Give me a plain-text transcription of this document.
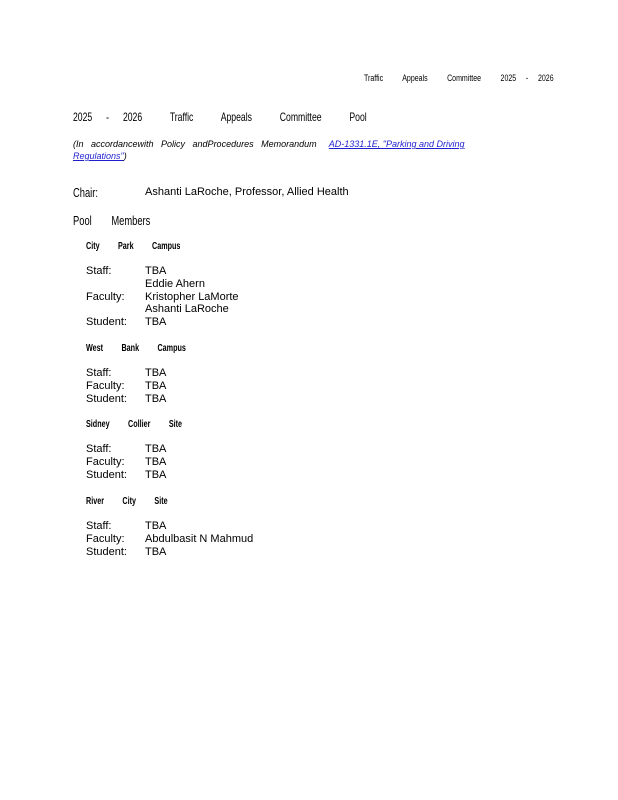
Traffic  Appeals  Committee  2025 - 2026
2025 - 2026  Traffic  Appeals  Committee  Pool
(In accordancewith Policy andProcedures Memorandum AD-1331.1E, "Parking and Driving Regulations")
Chair:	Ashanti LaRoche, Professor, Allied Health
Pool  Members
City  Park  Campus
Staff:	TBA
Eddie Ahern
Faculty: Kristopher LaMorte
Ashanti LaRoche
Student: TBA
West  Bank  Campus
Staff:	TBA
Faculty: TBA
Student: TBA
Sidney  Collier  Site
Staff:	TBA
Faculty: TBA
Student: TBA
River  City  Site
Staff:	TBA
Faculty: Abdulbasit N Mahmud
Student: TBA
